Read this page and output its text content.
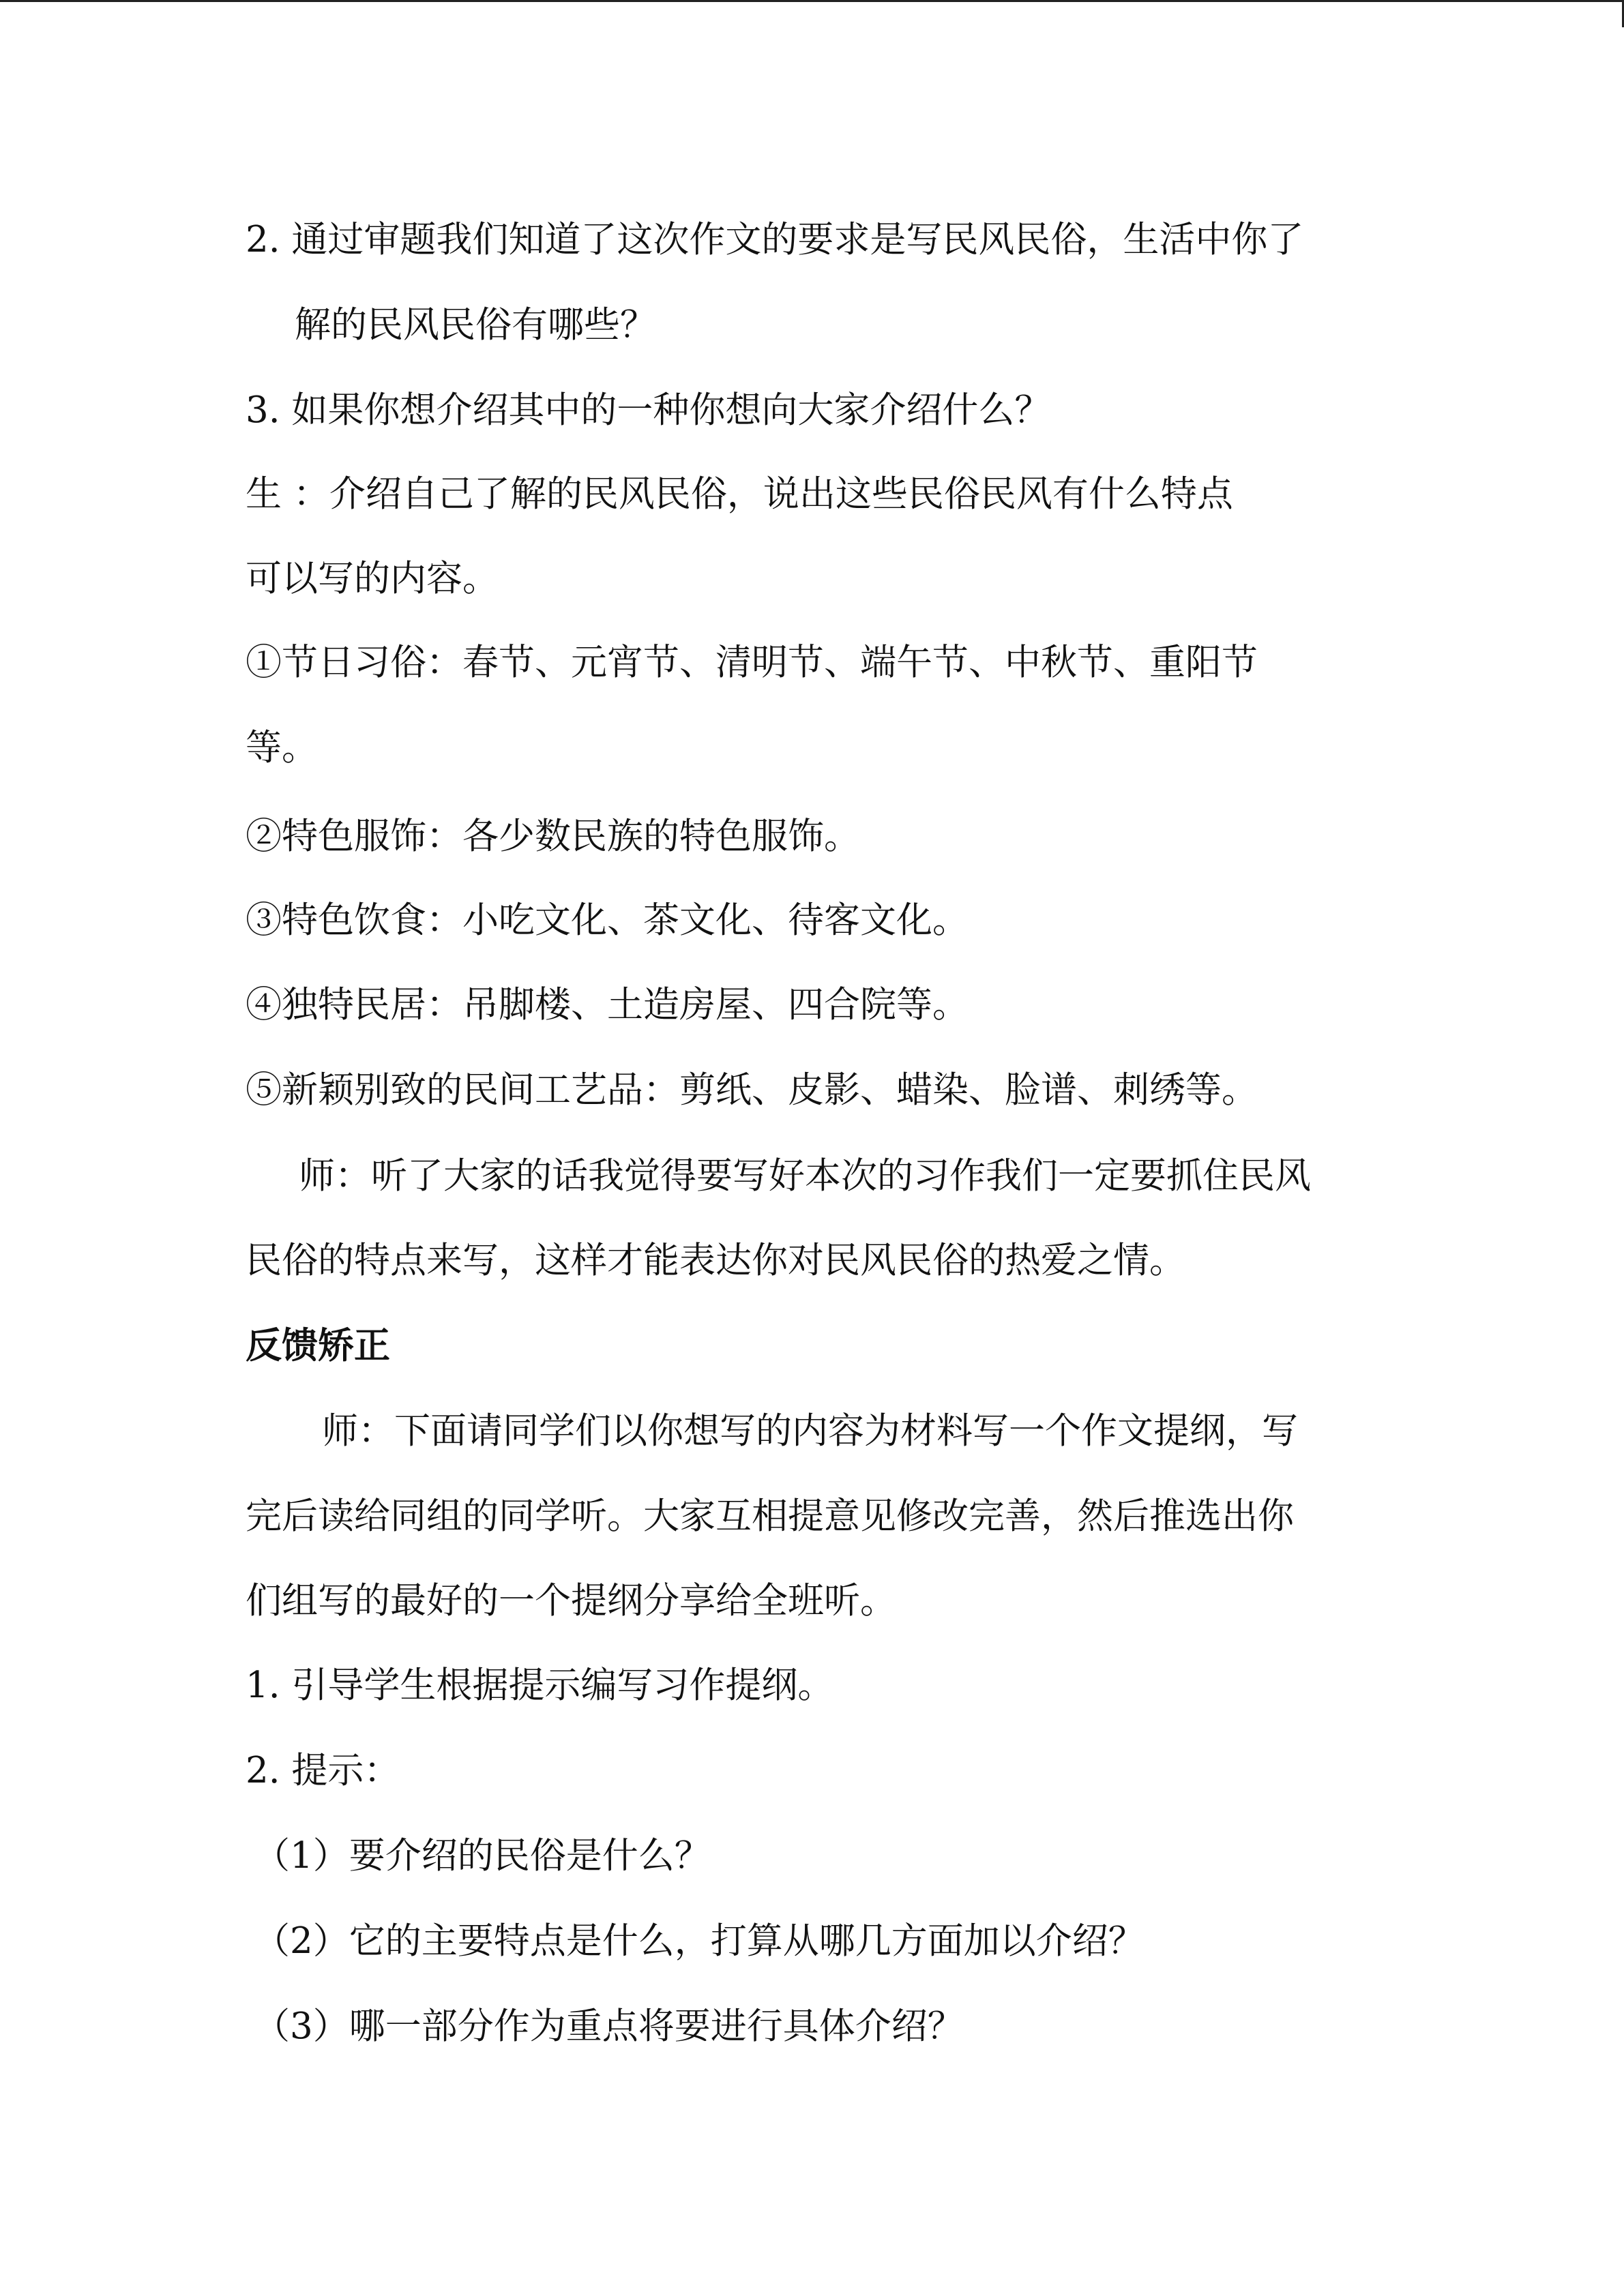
2. 通过审题我们知道了这次作文的要求是写民风民俗，生活中你了
解的民风民俗有哪些？
3. 如果你想介绍其中的一种你想向大家介绍什么？
生 ：介绍自己了解的民风民俗，说出这些民俗民风有什么特点
可以写的内容。
①节日习俗：春节、元宵节、清明节、端午节、中秋节、重阳节
等。
②特色服饰：各少数民族的特色服饰。
③特色饮食：小吃文化、茶文化、待客文化。
④独特民居：吊脚楼、土造房屋、四合院等。
⑤新颖别致的民间工艺品：剪纸、皮影、蜡染、脸谱、刺绣等。
师：听了大家的话我觉得要写好本次的习作我们一定要抓住民风
民俗的特点来写，这样才能表达你对民风民俗的热爱之情。
反馈矫正
师：下面请同学们以你想写的内容为材料写一个作文提纲，写
完后读给同组的同学听。大家互相提意见修改完善，然后推选出你
们组写的最好的一个提纲分享给全班听。
1. 引导学生根据提示编写习作提纲。
2. 提示：
（1）要介绍的民俗是什么？
（2）它的主要特点是什么，打算从哪几方面加以介绍？
（3）哪一部分作为重点将要进行具体介绍？
